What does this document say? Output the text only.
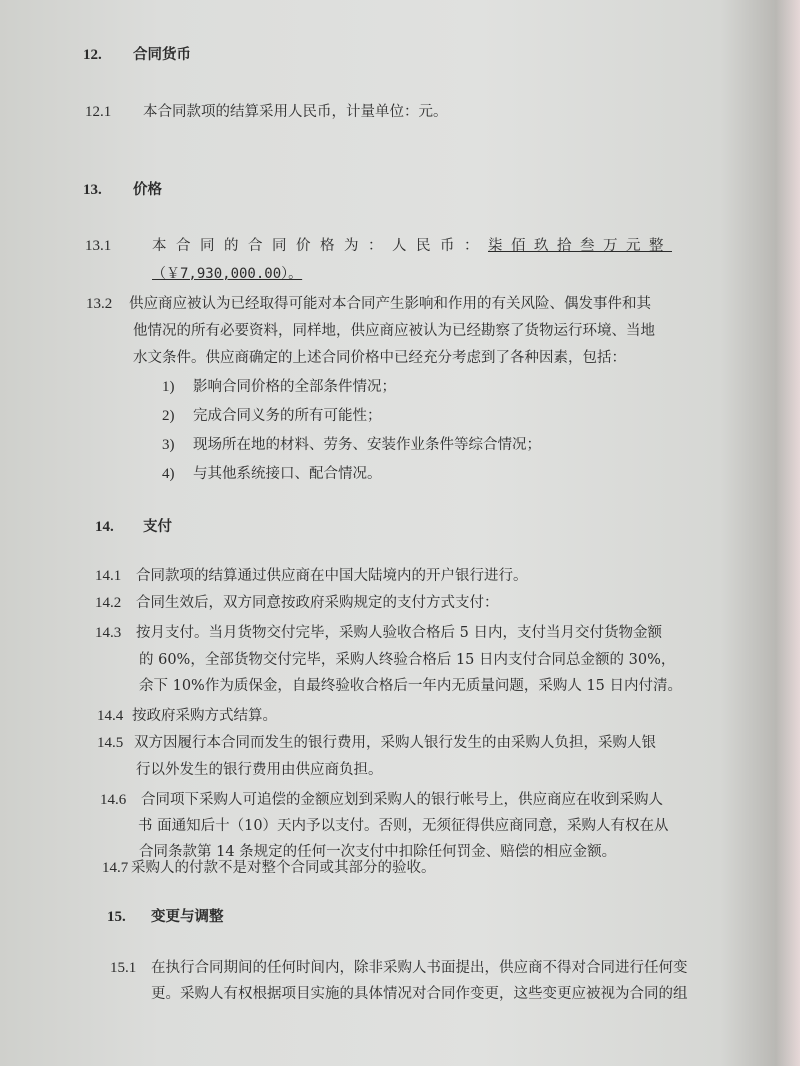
12. 合同货币
12.1 本合同款项的结算采用人民币，计量单位：元。
13. 价格
13.1	本合同的合同价格为：人民币：柒佰玖拾叁万元整
（￥7,930,000.00）。
13.2 供应商应被认为已经取得可能对本合同产生影响和作用的有关风险、偶发事件和其
他情况的所有必要资料，同样地，供应商应被认为已经勘察了货物运行环境、当地
水文条件。供应商确定的上述合同价格中已经充分考虑到了各种因素，包括：
1) 影响合同价格的全部条件情况；
2) 完成合同义务的所有可能性；
3) 现场所在地的材料、劳务、安装作业条件等综合情况；
4) 与其他系统接口、配合情况。
14. 支付
14.1 合同款项的结算通过供应商在中国大陆境内的开户银行进行。
14.2 合同生效后，双方同意按政府采购规定的支付方式支付：
14.3 按月支付。当月货物交付完毕，采购人验收合格后 5 日内，支付当月交付货物金额
的 60%，全部货物交付完毕，采购人终验合格后 15 日内支付合同总金额的 30%，
余下 10%作为质保金，自最终验收合格后一年内无质量问题，采购人 15 日内付清。
14.4 按政府采购方式结算。
14.5 双方因履行本合同而发生的银行费用，采购人银行发生的由采购人负担，采购人银
行以外发生的银行费用由供应商负担。
14.6 合同项下采购人可追偿的金额应划到采购人的银行帐号上，供应商应在收到采购人
书 面通知后十（10）天内予以支付。否则，无须征得供应商同意，采购人有权在从
合同条款第 14 条规定的任何一次支付中扣除任何罚金、赔偿的相应金额。
14.7 采购人的付款不是对整个合同或其部分的验收。
15. 变更与调整
15.1 在执行合同期间的任何时间内，除非采购人书面提出，供应商不得对合同进行任何变
更。采购人有权根据项目实施的具体情况对合同作变更，这些变更应被视为合同的组
